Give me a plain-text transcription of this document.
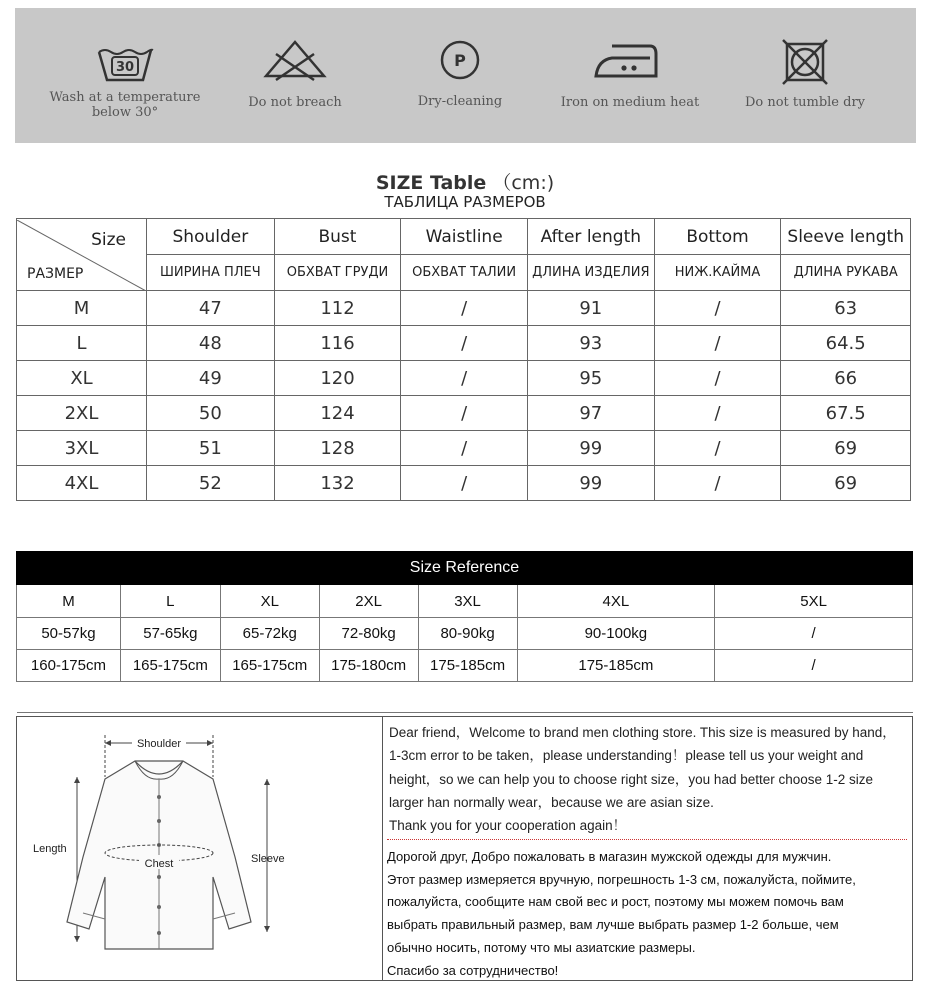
30
Wash at a temperature
below 30°
Do not breach
P
Dry-cleaning	Iron on medium heat	Do not tumble dry
SIZE Table （cm:)
ТАБЛИЦА РАЗМЕРОВ
Size
РАЗМЕР	Shoulder	Bust	Waistline	After length	Bottom	Sleeve length
	ШИРИНА ПЛЕЧ	ОБХВАТ ГРУДИ	ОБХВАТ ТАЛИИ	ДЛИНА ИЗДЕЛИЯ	НИЖ.КАЙМА	ДЛИНА РУКАВА
M	47	112	/	91	/	63
L	48	116	/	93	/	64.5
XL	49	120	/	95	/	66
2XL	50	124	/	97	/	67.5
3XL	51	128	/	99	/	69
4XL	52	132	/	99	/	69
Size Reference						
M	L	XL	2XL	3XL	4XL	5XL
50-57kg	57-65kg	65-72kg	72-80kg	80-90kg	90-100kg	/
160-175cm	165-175cm	165-175cm	175-180cm	175-185cm	175-185cm	/

Shoulder
Length
Sleeve
Chest
Dear friend，Welcome to brand men clothing store. This size is measured by hand，
1-3cm error to be taken，please understanding！please tell us your weight and
height，so we can help you to choose right size，you had better choose 1-2 size
larger han normally wear，because we are asian size.
Thank you for your cooperation again！
Дорогой друг, Добро пожаловать в магазин мужской одежды для мужчин.
Этот размер измеряется вручную, погрешность 1-3 см, пожалуйста, поймите,
пожалуйста, сообщите нам свой вес и рост, поэтому мы можем помочь вам
выбрать правильный размер, вам лучше выбрать размер 1-2 больше, чем
обычно носить, потому что мы азиатские размеры.
Спасибо за сотрудничество!
